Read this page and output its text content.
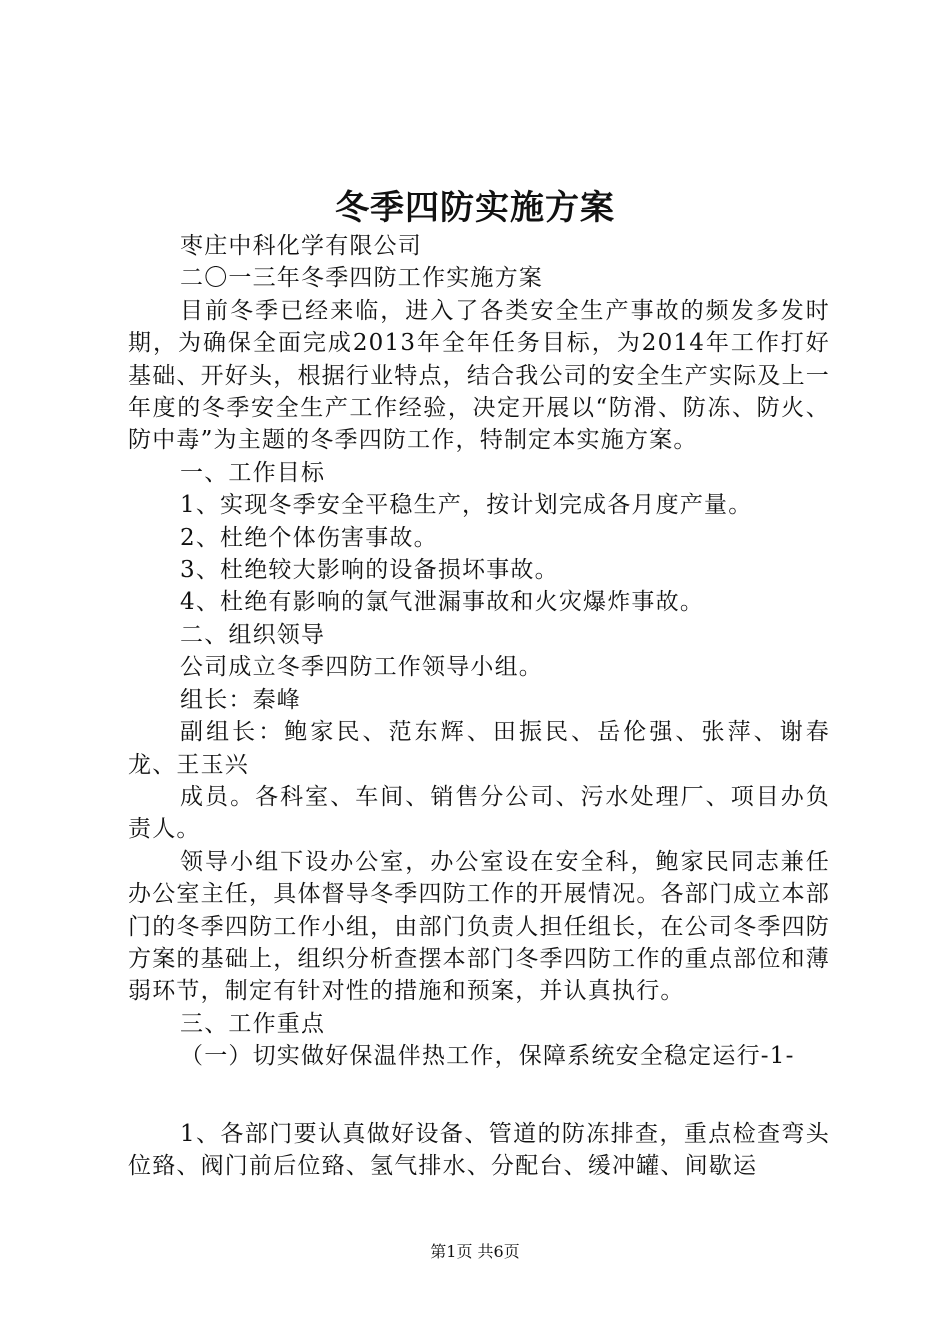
冬季四防实施方案

枣庄中科化学有限公司

二〇一三年冬季四防工作实施方案

目前冬季已经来临，进入了各类安全生产事故的频发多发时期，为确保全面完成2013年全年任务目标，为2014年工作打好基础、开好头，根据行业特点，结合我公司的安全生产实际及上一年度的冬季安全生产工作经验，决定开展以“防滑、防冻、防火、防中毒”为主题的冬季四防工作，特制定本实施方案。

一、工作目标

1、实现冬季安全平稳生产，按计划完成各月度产量。

2、杜绝个体伤害事故。

3、杜绝较大影响的设备损坏事故。

4、杜绝有影响的氯气泄漏事故和火灾爆炸事故。

二、组织领导

公司成立冬季四防工作领导小组。

组长：秦峰

副组长：鲍家民、范东辉、田振民、岳伦强、张萍、谢春龙、王玉兴

成员。各科室、车间、销售分公司、污水处理厂、项目办负责人。

领导小组下设办公室，办公室设在安全科，鲍家民同志兼任办公室主任，具体督导冬季四防工作的开展情况。各部门成立本部门的冬季四防工作小组，由部门负责人担任组长，在公司冬季四防方案的基础上，组织分析查摆本部门冬季四防工作的重点部位和薄弱环节，制定有针对性的措施和预案，并认真执行。

三、工作重点

（一）切实做好保温伴热工作，保障系统安全稳定运行-1-

1、各部门要认真做好设备、管道的防冻排查，重点检查弯头位臵、阀门前后位臵、氢气排水、分配台、缓冲罐、间歇运

第1页 共6页
